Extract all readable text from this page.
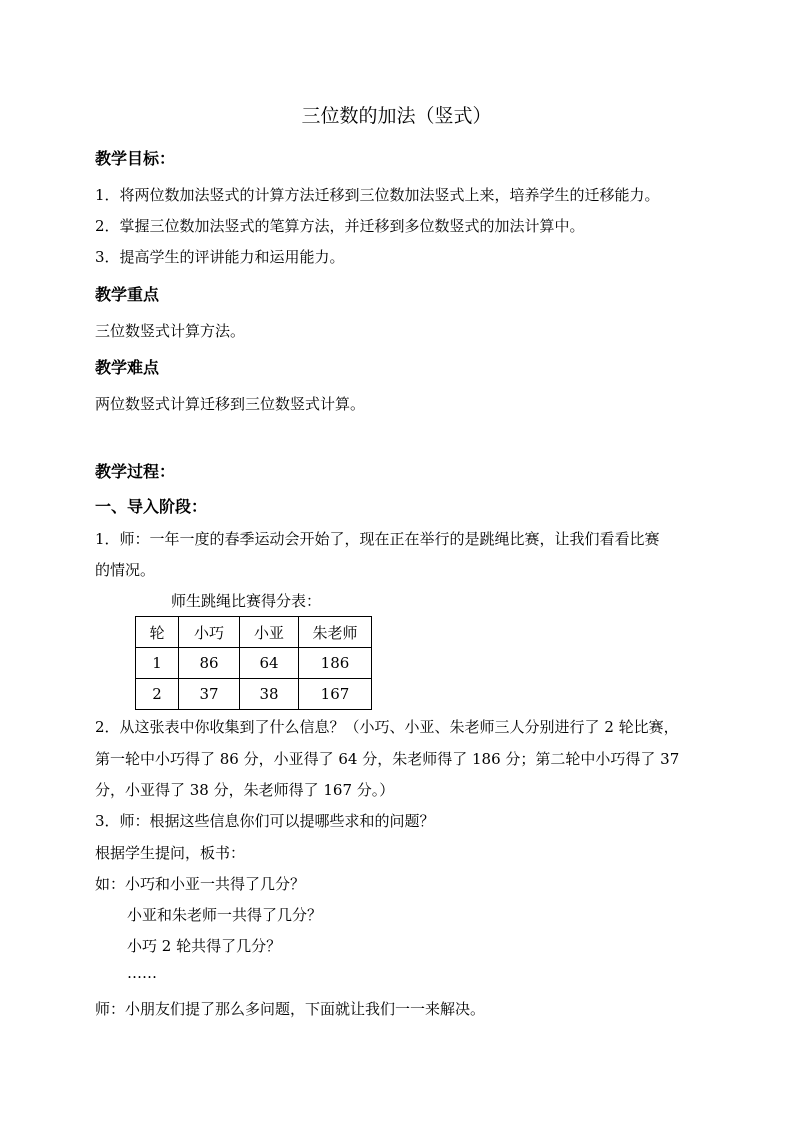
三位数的加法（竖式）
教学目标：
1．将两位数加法竖式的计算方法迁移到三位数加法竖式上来，培养学生的迁移能力。
2．掌握三位数加法竖式的笔算方法，并迁移到多位数竖式的加法计算中。
3．提高学生的评讲能力和运用能力。
教学重点
三位数竖式计算方法。
教学难点
两位数竖式计算迁移到三位数竖式计算。
教学过程：
一、导入阶段：
1．师：一年一度的春季运动会开始了，现在正在举行的是跳绳比赛，让我们看看比赛
的情况。
师生跳绳比赛得分表：
轮	小巧	小亚	朱老师
1	86	64	186
2	37	38	167
2．从这张表中你收集到了什么信息？（小巧、小亚、朱老师三人分别进行了 2 轮比赛，
第一轮中小巧得了 86 分，小亚得了 64 分，朱老师得了 186 分；第二轮中小巧得了 37
分，小亚得了 38 分，朱老师得了 167 分。）
3．师：根据这些信息你们可以提哪些求和的问题？
根据学生提问，板书：
如：小巧和小亚一共得了几分？
小亚和朱老师一共得了几分？
小巧 2 轮共得了几分？
……
师：小朋友们提了那么多问题，下面就让我们一一来解决。
